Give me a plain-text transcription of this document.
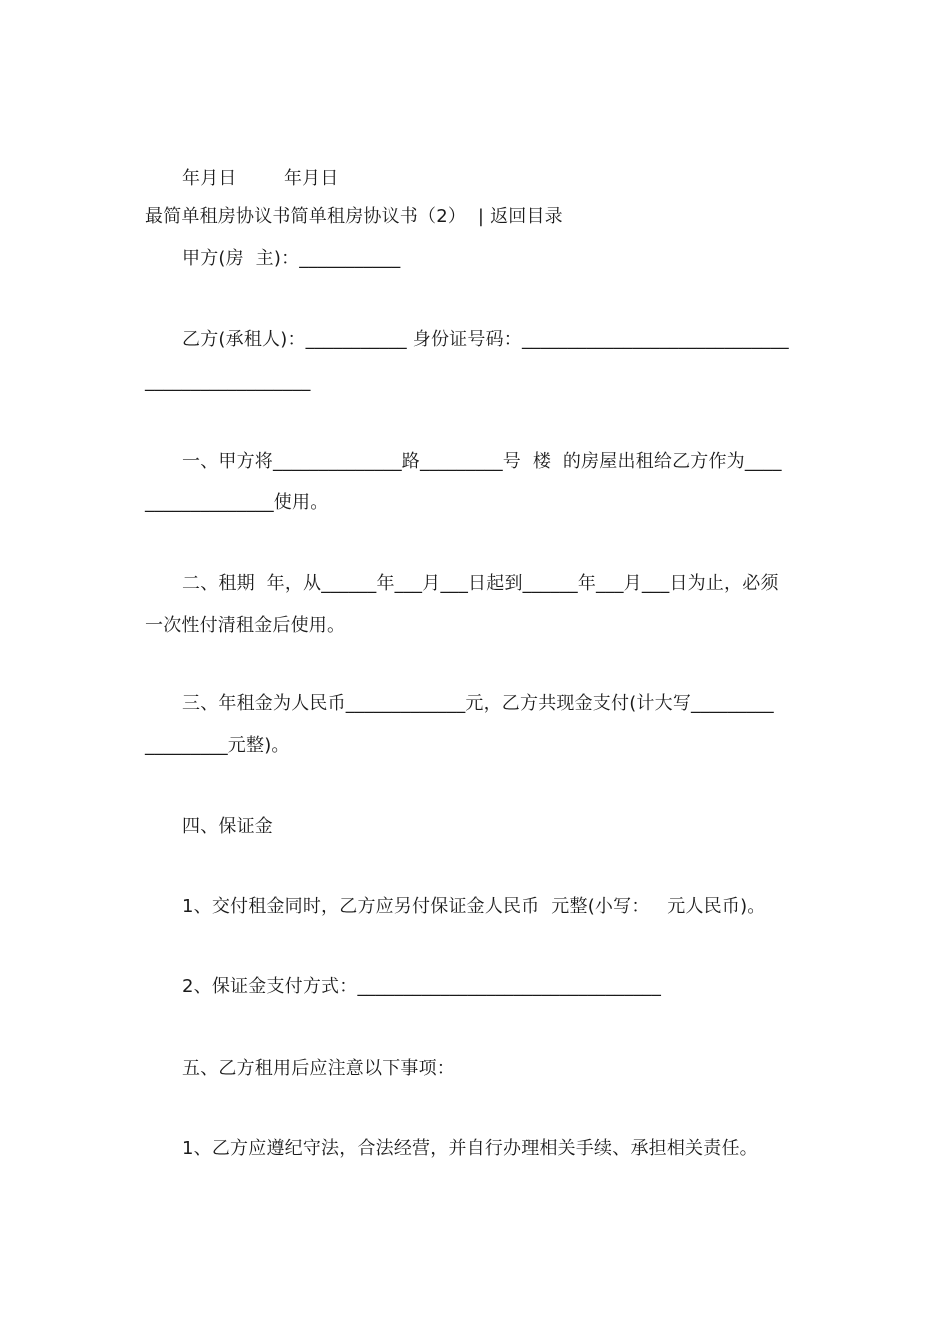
年月日        年月日
最简单租房协议书简单租房协议书（2）  | 返回目录
甲方(房  主)：___________
乙方(承租人)：___________ 身份证号码：_____________________________
__________________
一、甲方将______________路_________号  楼  的房屋出租给乙方作为____
______________使用。
二、租期  年，从______年___月___日起到______年___月___日为止，必须
一次性付清租金后使用。
三、年租金为人民币_____________元，乙方共现金支付(计大写_________
_________元整)。
四、保证金
1、交付租金同时，乙方应另付保证金人民币  元整(小写：   元人民币)。
2、保证金支付方式：_________________________________
五、乙方租用后应注意以下事项：
1、乙方应遵纪守法，合法经营，并自行办理相关手续、承担相关责任。
